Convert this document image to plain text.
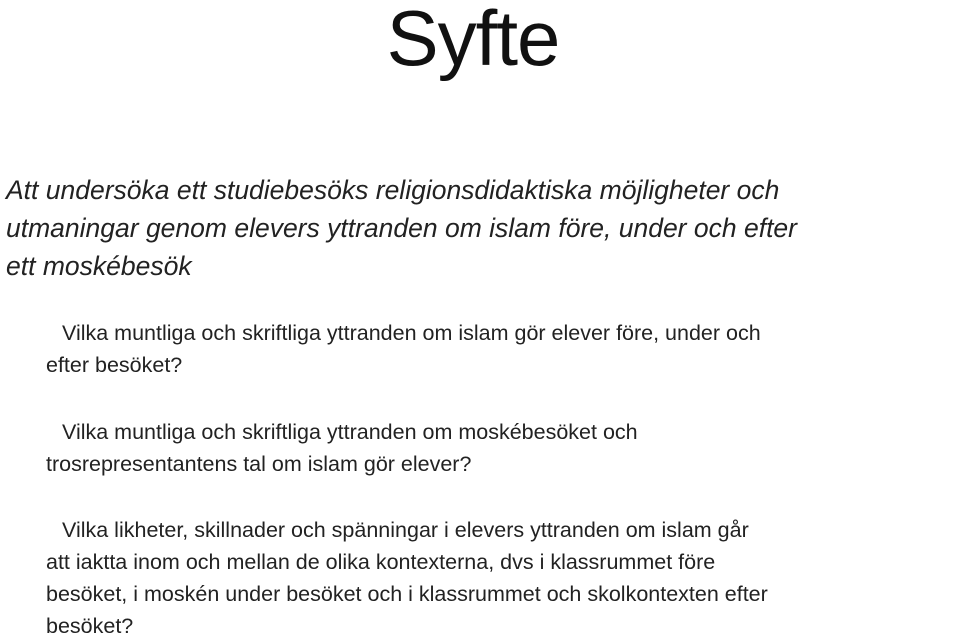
Syfte

Att undersöka ett studiebesöks religionsdidaktiska möjligheter och
utmaningar genom elevers yttranden om islam före, under och efter
ett moskébesök

Vilka muntliga och skriftliga yttranden om islam gör elever före, under och
efter besöket?

Vilka muntliga och skriftliga yttranden om moskébesöket och
trosrepresentantens tal om islam gör elever?

Vilka likheter, skillnader och spänningar i elevers yttranden om islam går
att iaktta inom och mellan de olika kontexterna, dvs i klassrummet före
besöket, i moskén under besöket och i klassrummet och skolkontexten efter
besöket?
